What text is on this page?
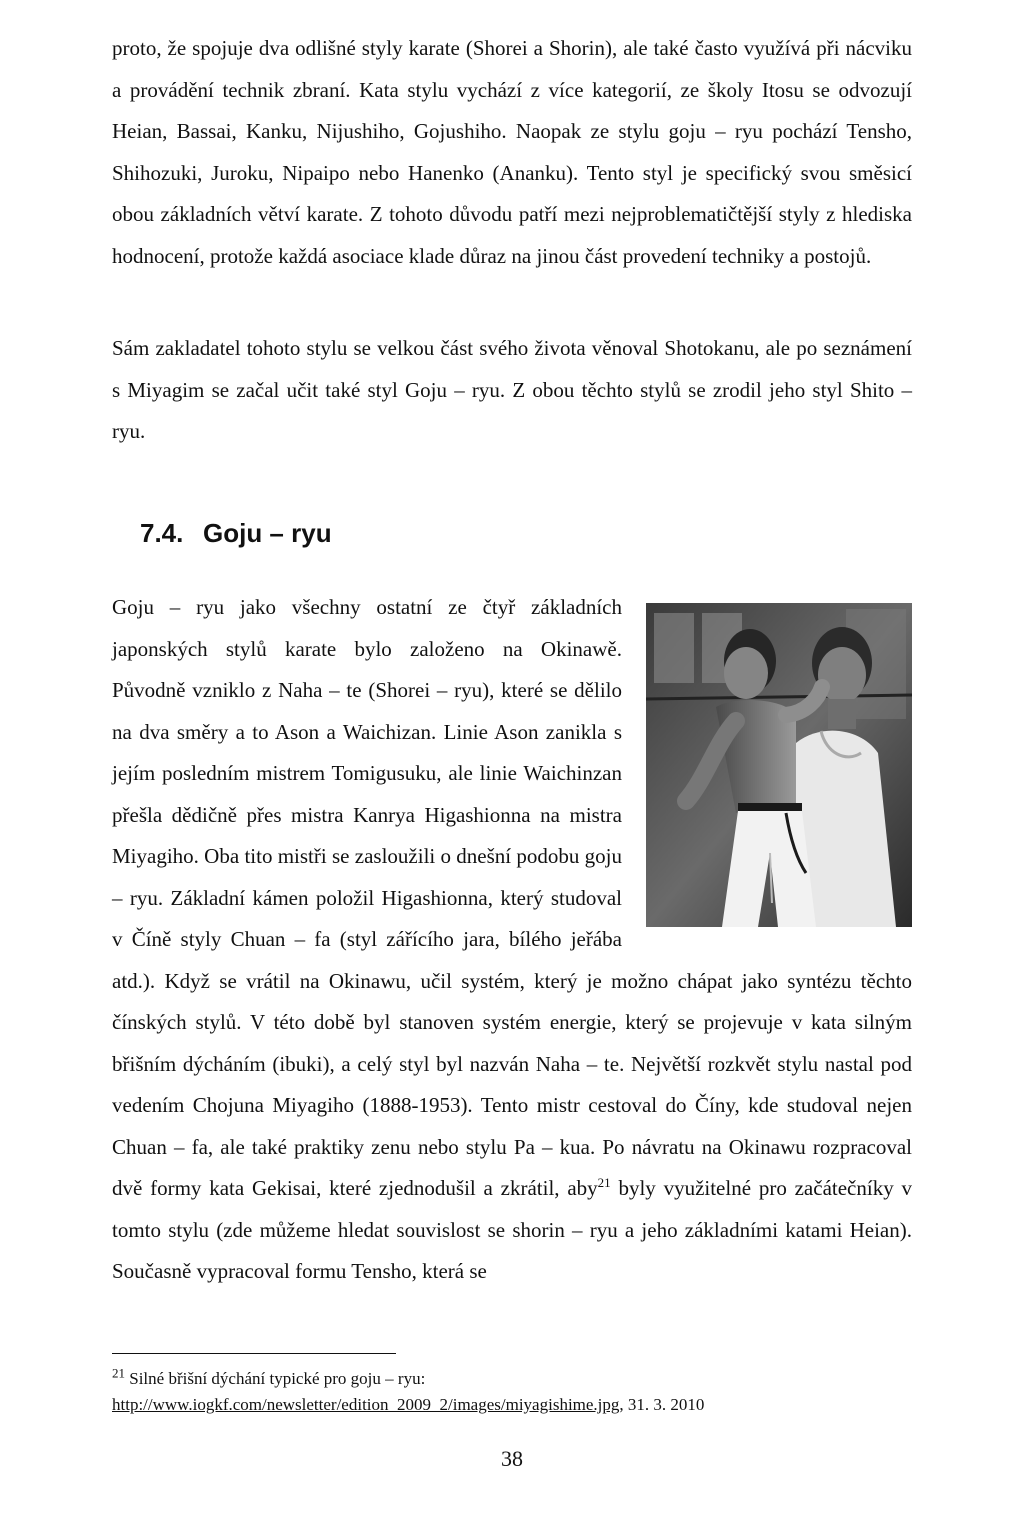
proto, že spojuje dva odlišné styly karate (Shorei a Shorin), ale také často využívá při nácviku a provádění technik zbraní. Kata stylu vychází z více kategorií, ze školy Itosu se odvozují Heian, Bassai, Kanku, Nijushiho, Gojushiho. Naopak ze stylu goju – ryu pochází Tensho, Shihozuki, Juroku, Nipaipo nebo Hanenko (Ananku). Tento styl je specifický svou směsicí obou základních větví karate. Z tohoto důvodu patří mezi nejproblematičtější styly z hlediska hodnocení, protože každá asociace klade důraz na jinou část provedení techniky a postojů.

Sám zakladatel tohoto stylu se velkou část svého života věnoval Shotokanu, ale po seznámení s Miyagim se začal učit také styl Goju – ryu. Z obou těchto stylů se zrodil jeho styl Shito – ryu.

7.4. Goju – ryu
Goju – ryu jako všechny ostatní ze čtyř základních japonských stylů karate bylo založeno na Okinawě. Původně vzniklo z Naha – te (Shorei – ryu), které se dělilo na dva směry a to Ason a Waichizan. Linie Ason zanikla s jejím posledním mistrem Tomigusuku, ale linie Waichinzan přešla dědičně přes mistra Kanrya Higashionna na mistra Miyagiho. Oba tito mistři se zasloužili o dnešní podobu goju – ryu. Základní kámen položil Higashionna, který studoval v Číně styly Chuan – fa (styl zářícího jara, bílého jeřába atd.). Když se vrátil na Okinawu, učil systém, který je možno chápat jako syntézu těchto čínských stylů. V této době byl stanoven systém energie, který se projevuje v kata silným břišním dýcháním (ibuki), a celý styl byl nazván Naha – te. Největší rozkvět stylu nastal pod vedením Chojuna Miyagiho (1888-1953). Tento mistr cestoval do Číny, kde studoval nejen Chuan – fa, ale také praktiky zenu nebo stylu Pa – kua. Po návratu na Okinawu rozpracoval dvě formy kata Gekisai, které zjednodušil a zkrátil, aby$^{21}$ byly využitelné pro začátečníky v tomto stylu (zde můžeme hledat souvislost se shorin – ryu a jeho základními katami Heian). Současně vypracoval formu Tensho, která se
$^{21}$ Silné břišní dýchání typické pro goju – ryu:
http://www.iogkf.com/newsletter/edition_2009_2/images/miyagishime.jpg, 31. 3. 2010
38
